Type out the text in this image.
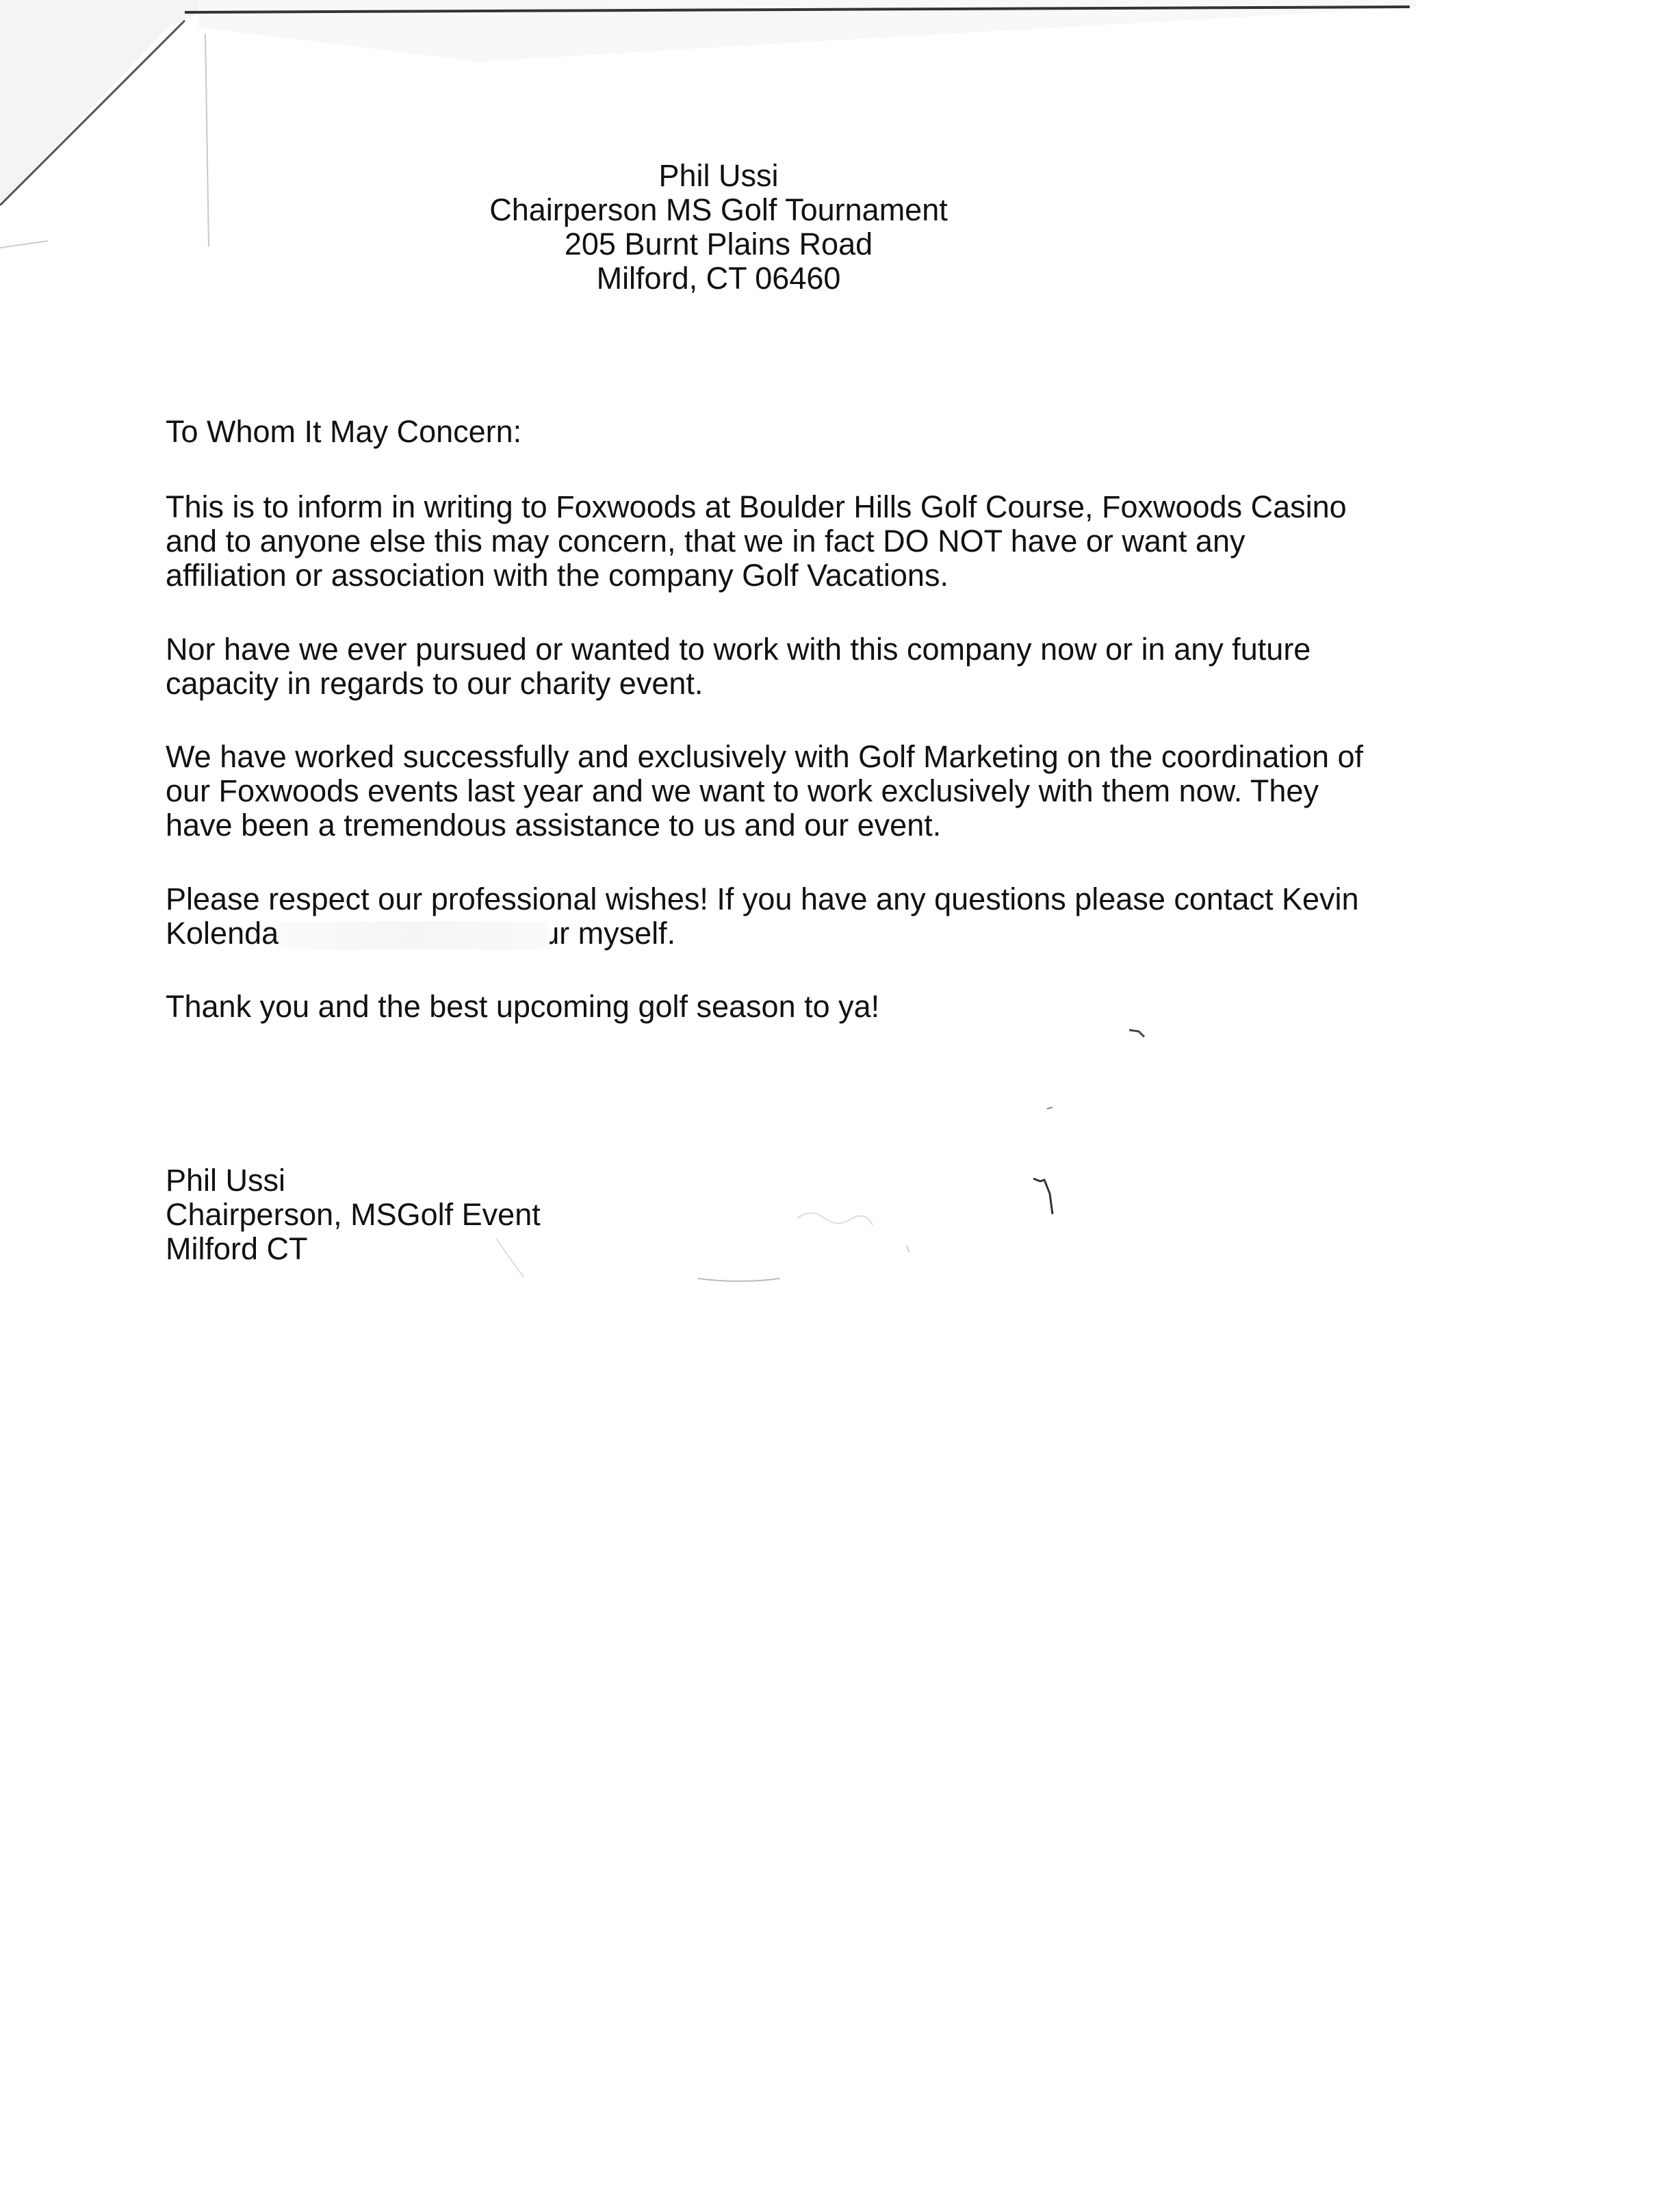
Phil Ussi
Chairperson MS Golf Tournament
205 Burnt Plains Road
Milford, CT 06460
To Whom It May Concern:
This is to inform in writing to Foxwoods at Boulder Hills Golf Course, Foxwoods Casino
and to anyone else this may concern, that we in fact DO NOT have or want any
affiliation or association with the company Golf Vacations.
Nor have we ever pursued or wanted to work with this company now or in any future
capacity in regards to our charity event.
We have worked successfully and exclusively with Golf Marketing on the coordination of
our Foxwoods events last year and we want to work exclusively with them now. They
have been a tremendous assistance to us and our event.
Please respect our professional wishes! If you have any questions please contact Kevin
Kolenda	ɹr myself.
Thank you and the best upcoming golf season to ya!
Phil Ussi
Chairperson, MSGolf Event
Milford CT
